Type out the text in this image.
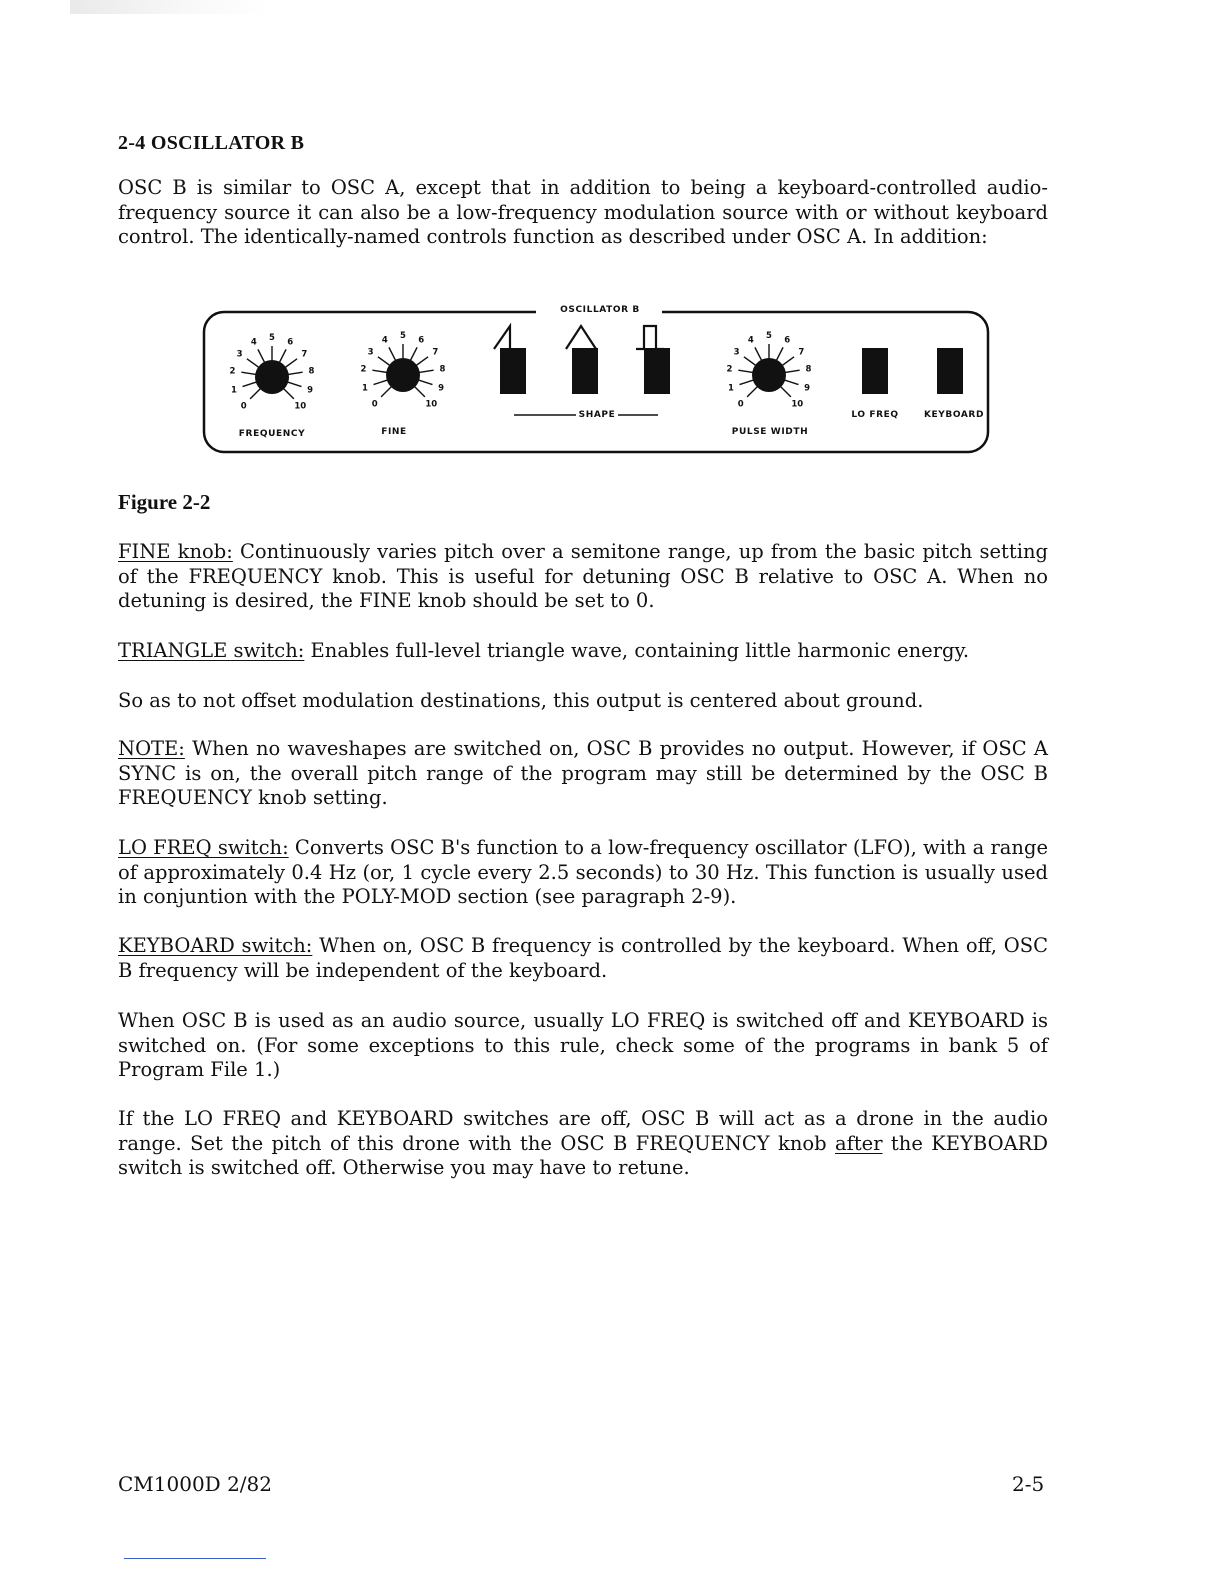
2-4 OSCILLATOR B

OSC B is similar to OSC A, except that in addition to being a keyboard-controlled audio-frequency source it can also be a low-frequency modulation source with or without keyboard control. The identically-named controls function as described under OSC A. In addition:

0
1
2
3
4 5 6
7
8
9
10	0
1
2
3
4 5 6
7
8
9
10	0
1
2
3
4 5 6
7
8
9
10

OSCILLATOR B

FREQUENCY	FINE

SHAPE

PULSE WIDTH

LO FREQ	KEYBOARD

Figure 2-2

FINE knob: Continuously varies pitch over a semitone range, up from the basic pitch setting of the FREQUENCY knob. This is useful for detuning OSC B relative to OSC A. When no detuning is desired, the FINE knob should be set to 0.

TRIANGLE switch: Enables full-level triangle wave, containing little harmonic energy.

So as to not offset modulation destinations, this output is centered about ground.

NOTE: When no waveshapes are switched on, OSC B provides no output. However, if OSC A SYNC is on, the overall pitch range of the program may still be determined by the OSC B FREQUENCY knob setting.

LO FREQ switch: Converts OSC B's function to a low-frequency oscillator (LFO), with a range of approximately 0.4 Hz (or, 1 cycle every 2.5 seconds) to 30 Hz. This function is usually used in conjuntion with the POLY-MOD section (see paragraph 2-9).

KEYBOARD switch: When on, OSC B frequency is controlled by the keyboard. When off, OSC B frequency will be independent of the keyboard.

When OSC B is used as an audio source, usually LO FREQ is switched off and KEYBOARD is switched on. (For some exceptions to this rule, check some of the programs in bank 5 of Program File 1.)

If the LO FREQ and KEYBOARD switches are off, OSC B will act as a drone in the audio range. Set the pitch of this drone with the OSC B FREQUENCY knob after the KEYBOARD switch is switched off. Otherwise you may have to retune.

CM1000D 2/82	2-5
